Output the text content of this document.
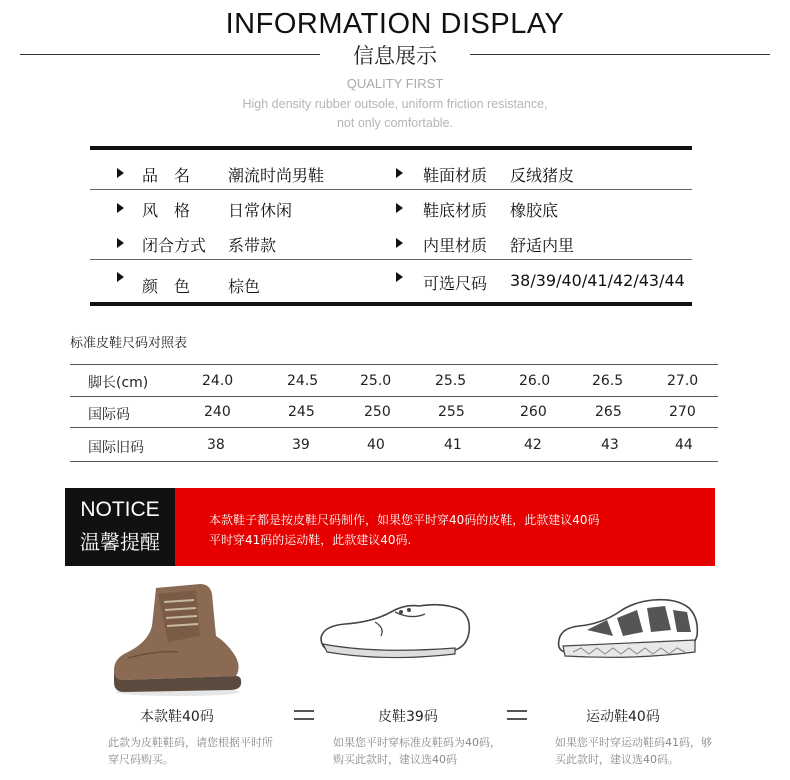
INFORMATION DISPLAY
信息展示
QUALITY FIRST
High density rubber outsole, uniform friction resistance,
not only comfortable.
品　名 潮流时尚男鞋	鞋面材质 反绒猪皮
风　格 日常休闲	鞋底材质 橡胶底
闭合方式 系带款	内里材质 舒适内里
颜　色 棕色	可选尺码 38/39/40/41/42/43/44
标准皮鞋尺码对照表
脚长(cm)	24.0	24.5	25.0	25.5	26.0	26.5	27.0
国际码	240	245	250	255	260	265	270
国际旧码	38	39	40	41	42	43	44
NOTICE
温馨提醒
本款鞋子都是按皮鞋尺码制作，如果您平时穿40码的皮鞋，此款建议40码
平时穿41码的运动鞋，此款建议40码.
本款鞋40码	皮鞋39码	运动鞋40码
此款为皮鞋鞋码，请您根据平时所
穿尺码购买。
如果您平时穿标准皮鞋码为40码，
购买此款时，建议选40码
如果您平时穿运动鞋码41码，够
买此款时，建议选40码。
